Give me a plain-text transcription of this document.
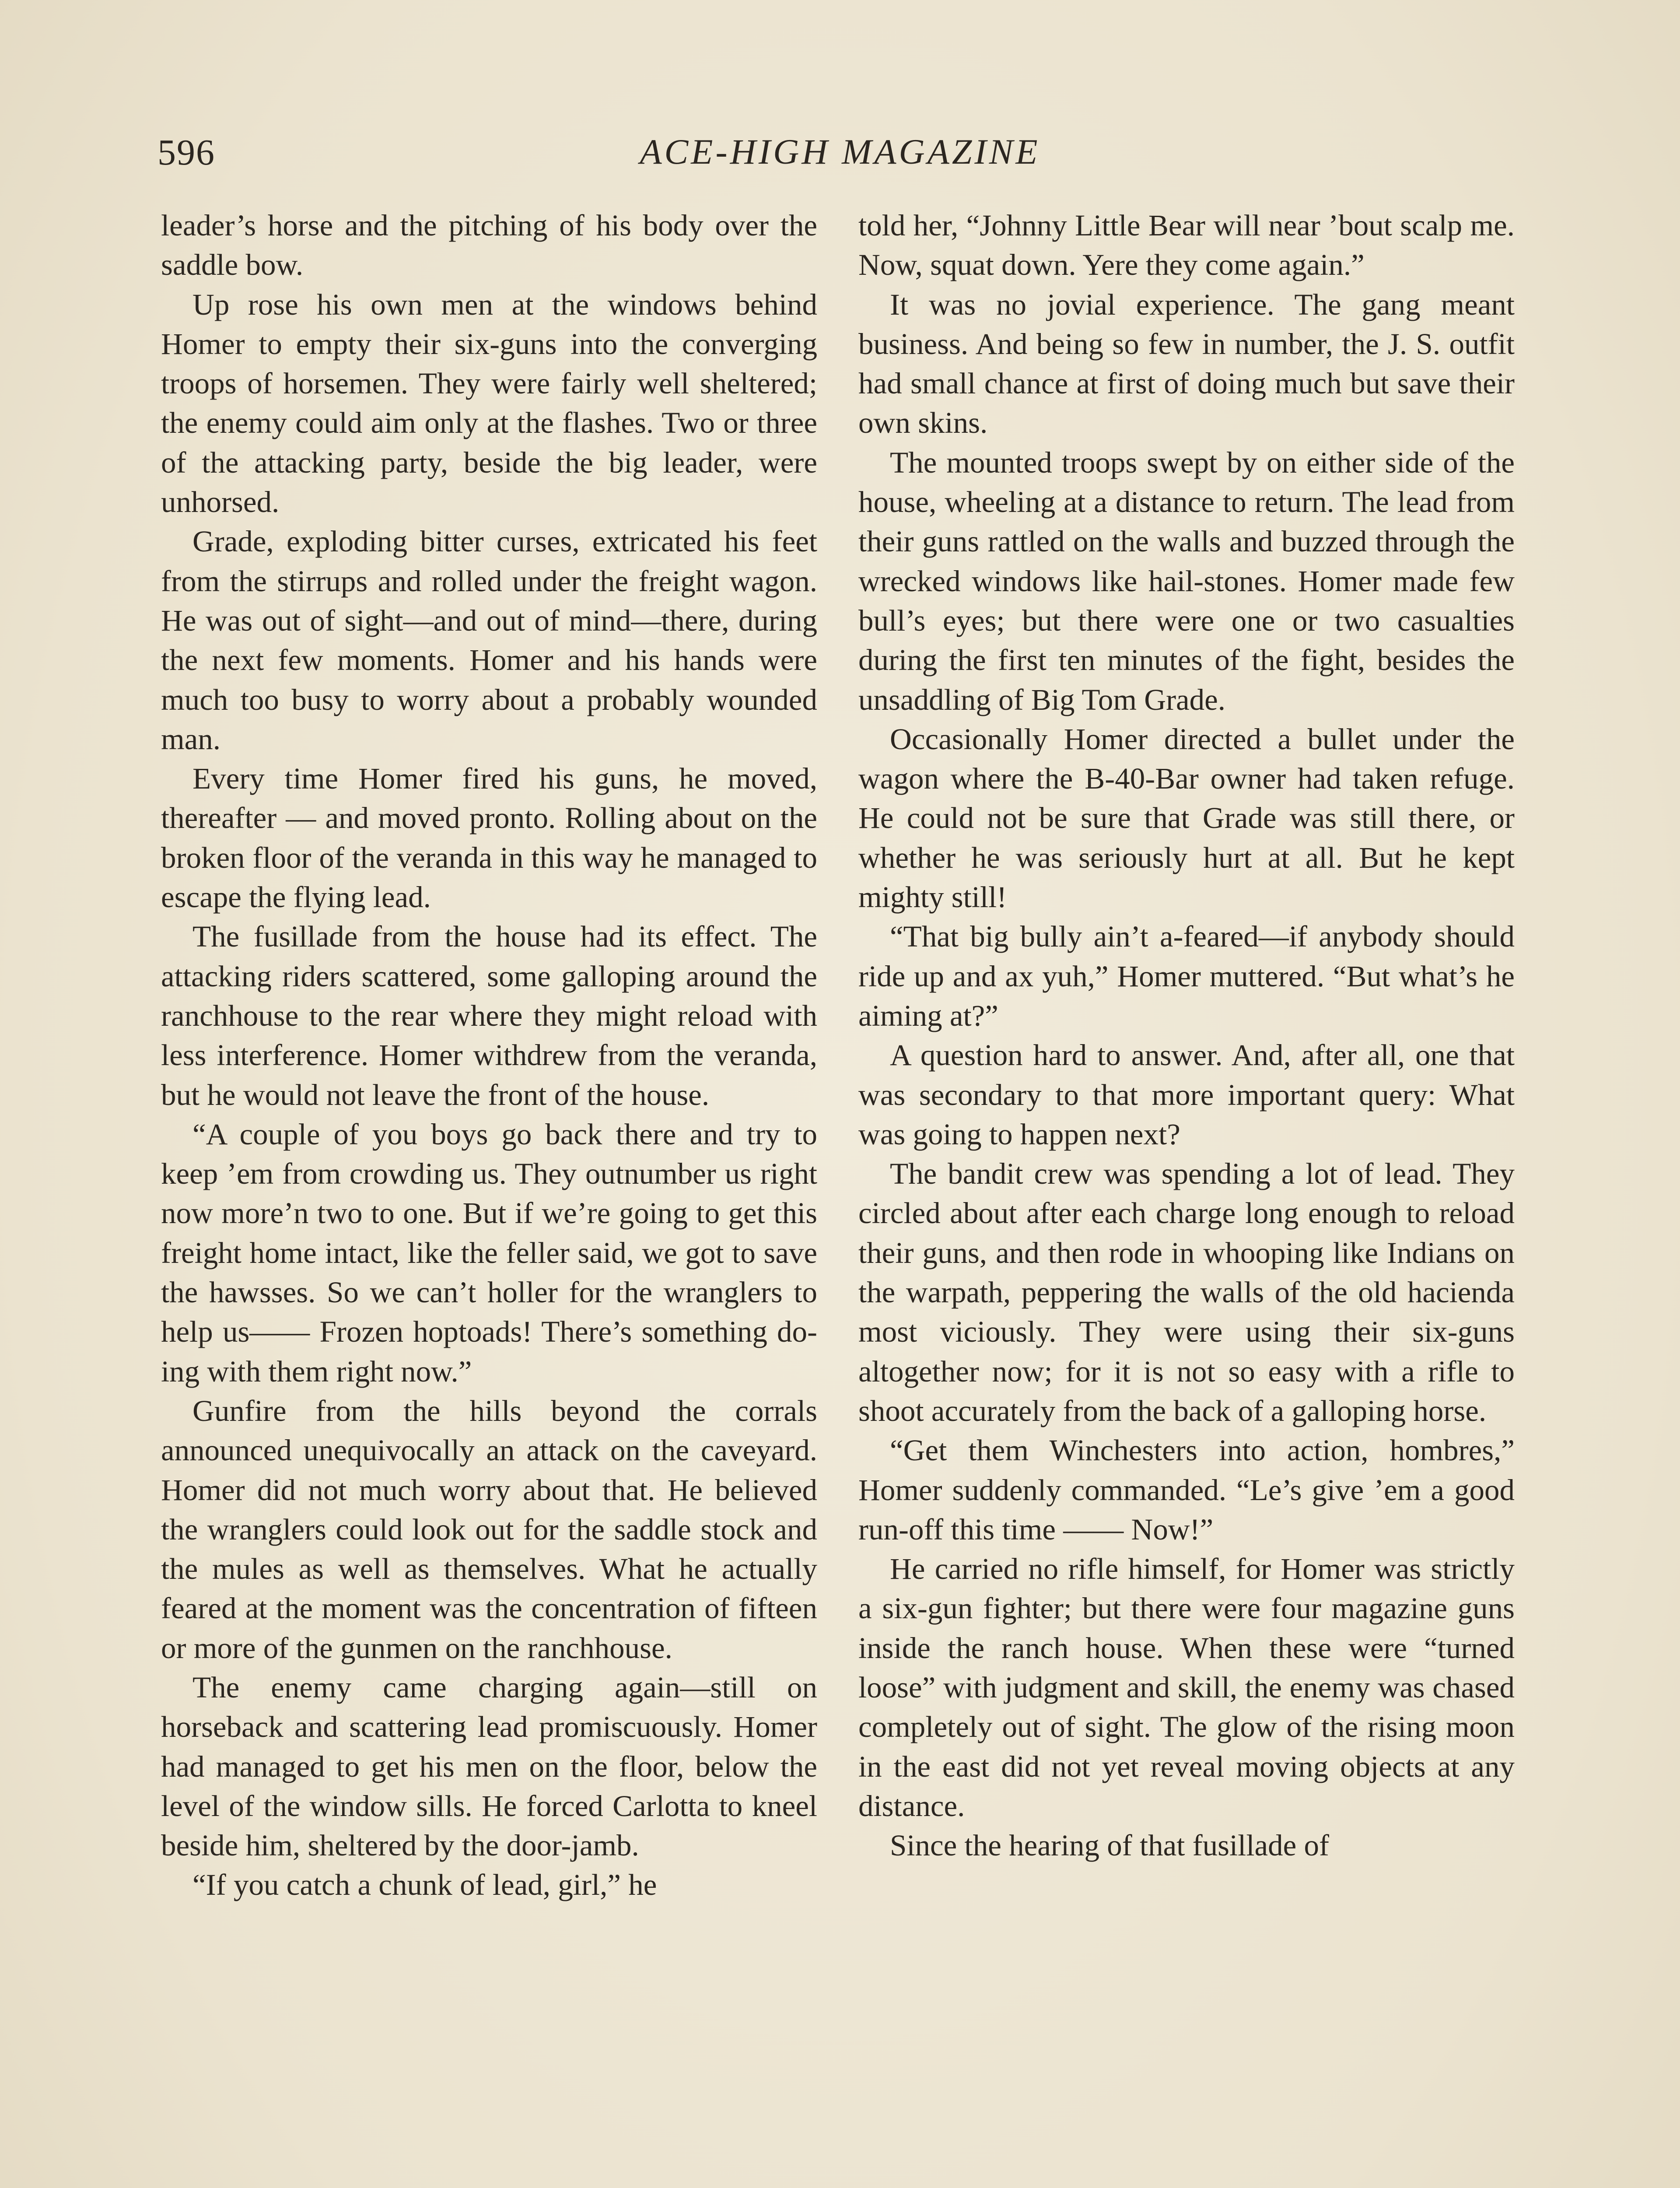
596	ACE-HIGH MAGAZINE

leader’s horse and the pitching of his body over the saddle bow.

Up rose his own men at the windows behind Homer to empty their six-guns into the converging troops of horsemen. They were fairly well sheltered; the enemy could aim only at the flashes. Two or three of the attacking party, beside the big leader, were unhorsed.

Grade, exploding bitter curses, extricated his feet from the stirrups and rolled under the freight wagon. He was out of sight—and out of mind—there, during the next few moments. Homer and his hands were much too busy to worry about a probably wounded man.

Every time Homer fired his guns, he moved, thereafter — and moved pronto. Rolling about on the broken floor of the veranda in this way he managed to escape the flying lead.

The fusillade from the house had its effect. The attacking riders scattered, some galloping around the ranchhouse to the rear where they might reload with less interference. Homer withdrew from the veranda, but he would not leave the front of the house.

“A couple of you boys go back there and try to keep ’em from crowding us. They outnumber us right now more’n two to one. But if we’re going to get this freight home intact, like the feller said, we got to save the hawsses. So we can’t holler for the wranglers to help us—— Frozen hoptoads! There’s something doing with them right now.”

Gunfire from the hills beyond the corrals announced unequivocally an attack on the caveyard. Homer did not much worry about that. He believed the wranglers could look out for the saddle stock and the mules as well as themselves. What he actually feared at the moment was the concentration of fifteen or more of the gunmen on the ranchhouse.

The enemy came charging again—still on horseback and scattering lead promiscuously. Homer had managed to get his men on the floor, below the level of the window sills. He forced Carlotta to kneel beside him, sheltered by the door-jamb.

“If you catch a chunk of lead, girl,” he

told her, “Johnny Little Bear will near ’bout scalp me. Now, squat down. Yere they come again.”

It was no jovial experience. The gang meant business. And being so few in number, the J. S. outfit had small chance at first of doing much but save their own skins.

The mounted troops swept by on either side of the house, wheeling at a distance to return. The lead from their guns rattled on the walls and buzzed through the wrecked windows like hail-stones. Homer made few bull’s eyes; but there were one or two casualties during the first ten minutes of the fight, besides the unsaddling of Big Tom Grade.

Occasionally Homer directed a bullet under the wagon where the B-40-Bar owner had taken refuge. He could not be sure that Grade was still there, or whether he was seriously hurt at all. But he kept mighty still!

“That big bully ain’t a-feared—if anybody should ride up and ax yuh,” Homer muttered. “But what’s he aiming at?”

A question hard to answer. And, after all, one that was secondary to that more important query: What was going to happen next?

The bandit crew was spending a lot of lead. They circled about after each charge long enough to reload their guns, and then rode in whooping like Indians on the warpath, peppering the walls of the old hacienda most viciously. They were using their six-guns altogether now; for it is not so easy with a rifle to shoot accurately from the back of a galloping horse.

“Get them Winchesters into action, hombres,” Homer suddenly commanded. “Le’s give ’em a good run-off this time —— Now!”

He carried no rifle himself, for Homer was strictly a six-gun fighter; but there were four magazine guns inside the ranch house. When these were “turned loose” with judgment and skill, the enemy was chased completely out of sight. The glow of the rising moon in the east did not yet reveal moving objects at any distance.

Since the hearing of that fusillade of
